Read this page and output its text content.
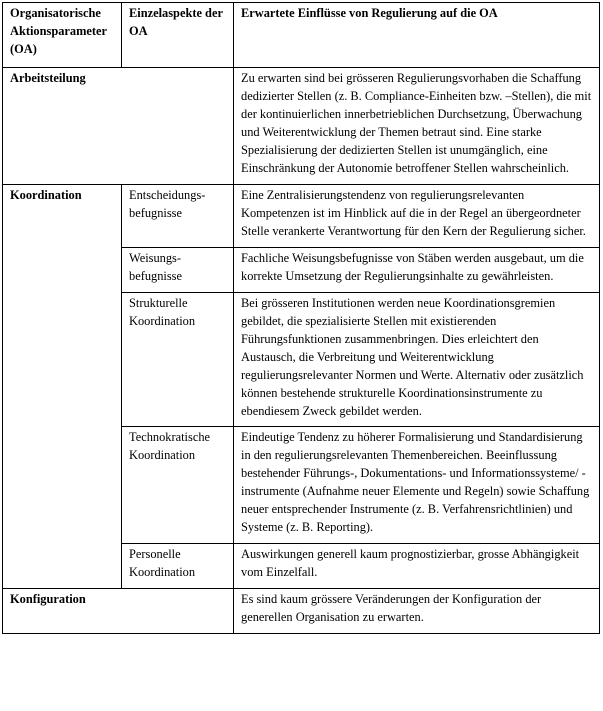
Organisatorische Aktionsparameter (OA)	Einzelaspekte der OA	Erwartete Einflüsse von Regulierung auf die OA
Arbeitsteilung		Zu erwarten sind bei grösseren Regulierungsvorhaben die Schaffung dedizierter Stellen (z. B. Compliance-Einheiten bzw. –Stellen), die mit der kontinuierlichen innerbetrieblichen Durchsetzung, Überwachung und Weiterentwicklung der Themen betraut sind. Eine starke Spezialisierung der dedizierten Stellen ist unumgänglich, eine Einschränkung der Autonomie betroffener Stellen wahrscheinlich.
Koordination	Entscheidungs-befugnisse	Eine Zentralisierungstendenz von regulierungsrelevanten Kompetenzen ist im Hinblick auf die in der Regel an übergeordneter Stelle verankerte Verantwortung für den Kern der Regulierung sicher.
	Weisungs-befugnisse	Fachliche Weisungsbefugnisse von Stäben werden ausgebaut, um die korrekte Umsetzung der Regulierungsinhalte zu gewährleisten.
	Strukturelle Koordination	Bei grösseren Institutionen werden neue Koordinationsgremien gebildet, die spezialisierte Stellen mit existierenden Führungsfunktionen zusammenbringen. Dies erleichtert den Austausch, die Verbreitung und Weiterentwicklung regulierungsrelevanter Normen und Werte. Alternativ oder zusätzlich können bestehende strukturelle Koordinationsinstrumente zu ebendiesem Zweck gebildet werden.
	Technokratische Koordination	Eindeutige Tendenz zu höherer Formalisierung und Standardisierung in den regulierungsrelevanten Themenbereichen. Beeinflussung bestehender Führungs-, Dokumentations- und Informationssysteme/ -instrumente (Aufnahme neuer Elemente und Regeln) sowie Schaffung neuer entsprechender Instrumente (z. B. Verfahrensrichtlinien) und Systeme (z. B. Reporting).
	Personelle Koordination	Auswirkungen generell kaum prognostizierbar, grosse Abhängigkeit vom Einzelfall.
Konfiguration		Es sind kaum grössere Veränderungen der Konfiguration der generellen Organisation zu erwarten.
